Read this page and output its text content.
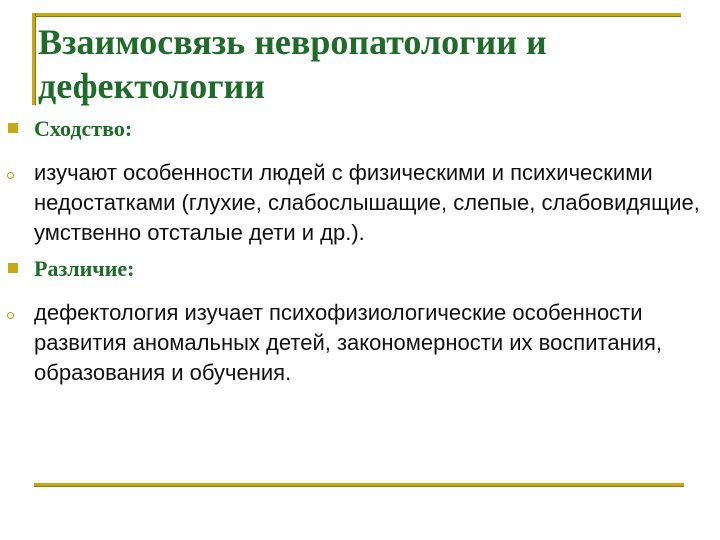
Взаимосвязь невропатологии и дефектологии

Сходство:

изучают особенности людей с физическими и психическими недостатками (глухие, слабослышащие, слепые, слабовидящие, умственно отсталые дети и др.).

Различие:

дефектология изучает психофизиологические особенности развития аномальных детей, закономерности их воспитания, образования и обучения.
